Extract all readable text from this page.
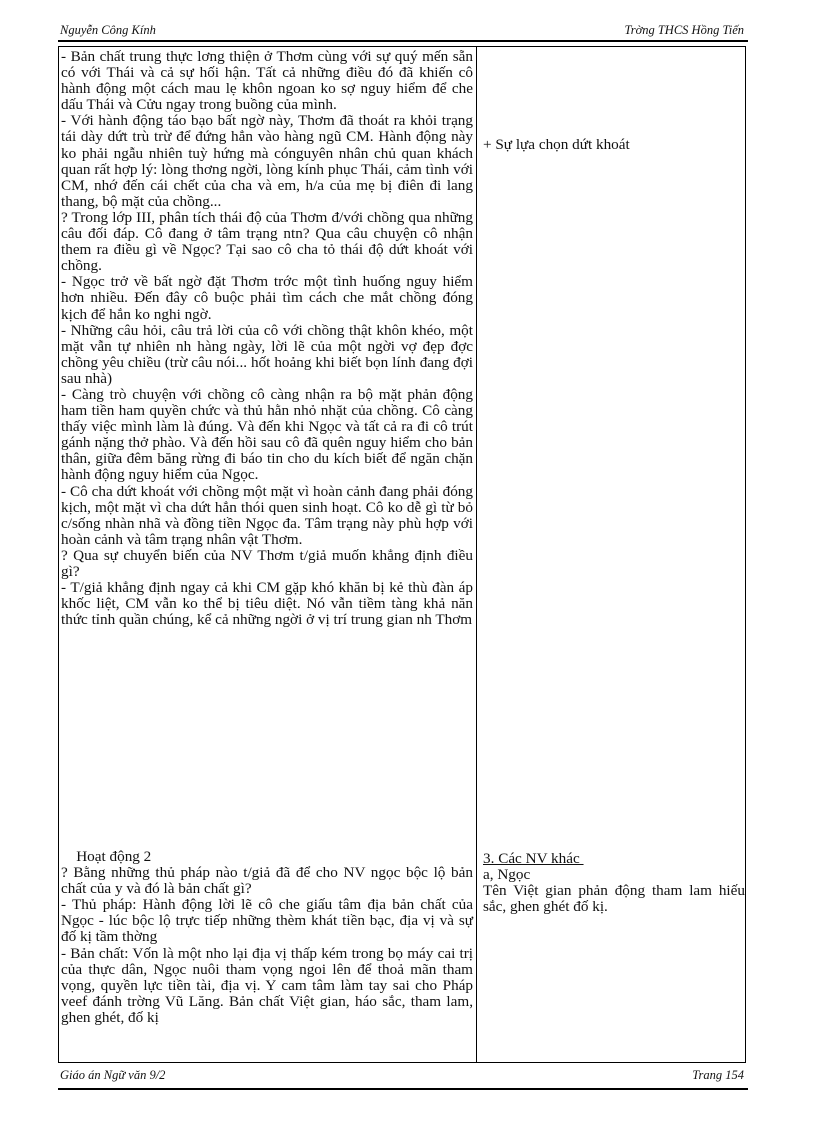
Nguyễn Công Kính	Trờng THCS Hồng Tiến
- Bản chất trung thực lơng thiện ở Thơm cùng với sự quý mến sẵn có với Thái và cả sự hối hận. Tất cả những điều đó đã khiến cô hành động một cách mau lẹ khôn ngoan ko sợ nguy hiểm để che dấu Thái và Cửu ngay trong buồng của mình.
- Với hành động táo bạo bất ngờ này, Thơm đã thoát ra khỏi trạng tái dày dứt trù trừ để đứng hẳn vào hàng ngũ CM. Hành động này ko phải ngẫu nhiên tuỳ hứng mà cónguyên nhân chủ quan khách quan rất hợp lý: lòng thơng ngời, lòng kính phục Thái, cảm tình với CM, nhớ đến cái chết của cha và em, h/a của mẹ bị điên đi lang thang, bộ mặt của chồng...
? Trong lớp III, phân tích thái độ của Thơm đ/với chồng qua những câu đối đáp. Cô đang ở tâm trạng ntn? Qua câu chuyện cô nhận them ra điều gì về Ngọc? Tại sao cô cha tỏ thái độ dứt khoát với chồng.
- Ngọc trở về bất ngờ đặt Thơm trớc một tình huống nguy hiểm hơn nhiều. Đến đây cô buộc phải tìm cách che mắt chồng đóng kịch để hắn ko nghi ngờ.
- Những câu hỏi, câu trả lời của cô với chồng thật khôn khéo, một mặt vẫn tự nhiên nh hàng ngày, lời lẽ của một ngời vợ đẹp đợc chồng yêu chiều (trừ câu nói... hốt hoảng khi biết bọn lính đang đợi sau nhà)
- Càng trò chuyện với chồng cô càng nhận ra bộ mặt phản động ham tiền ham quyền chức và thủ hằn nhỏ nhặt của chồng. Cô càng thấy việc mình làm là đúng. Và đến khi Ngọc và tất cả ra đi cô trút gánh nặng thở phào. Và đến hồi sau cô đã quên nguy hiểm cho bản thân, giữa đêm băng rừng đi báo tin cho du kích biết để ngăn chặn hành động nguy hiểm của Ngọc.
- Cô cha dứt khoát với chồng một mặt vì hoàn cảnh đang phải đóng kịch, một mặt vì cha dứt hẳn thói quen sinh hoạt. Cô ko dễ gì từ bỏ c/sống nhàn nhã và đồng tiền Ngọc đa. Tâm trạng này phù hợp với hoàn cảnh và tâm trạng nhân vật Thơm.
? Qua sự chuyển biến của NV Thơm t/giả muốn khẳng định điều gì?
- T/giả khẳng định ngay cả khi CM gặp khó khăn bị kẻ thù đàn áp khốc liệt, CM vẫn ko thể bị tiêu diệt. Nó vẫn tiềm tàng khả năn thức tỉnh quần chúng, kể cả những ngời ở vị trí trung gian nh Thơm
Hoạt động 2
? Bằng những thủ pháp nào t/giả đã để cho NV ngọc bộc lộ bản chất của y và đó là bản chất gì?
- Thủ pháp: Hành động lời lẽ cô che giấu tâm địa bản chất của Ngọc - lúc bộc lộ trực tiếp những thèm khát tiền bạc, địa vị và sự đố kị tầm thờng
- Bản chất: Vốn là một nho lại địa vị thấp kém trong bọ máy cai trị của thực dân, Ngọc nuôi tham vọng ngoi lên để thoả mãn tham vọng, quyền lực tiền tài, địa vị. Y cam tâm làm tay sai cho Pháp veef đánh trờng Vũ Lăng. Bản chất Việt gian, háo sắc, tham lam, ghen ghét, đố kị
+ Sự lựa chọn dứt khoát
3. Các NV khác
a, Ngọc
Tên Việt gian phản động tham lam hiếu sắc, ghen ghét đố kị.
Giáo án Ngữ văn 9/2	Trang 154
